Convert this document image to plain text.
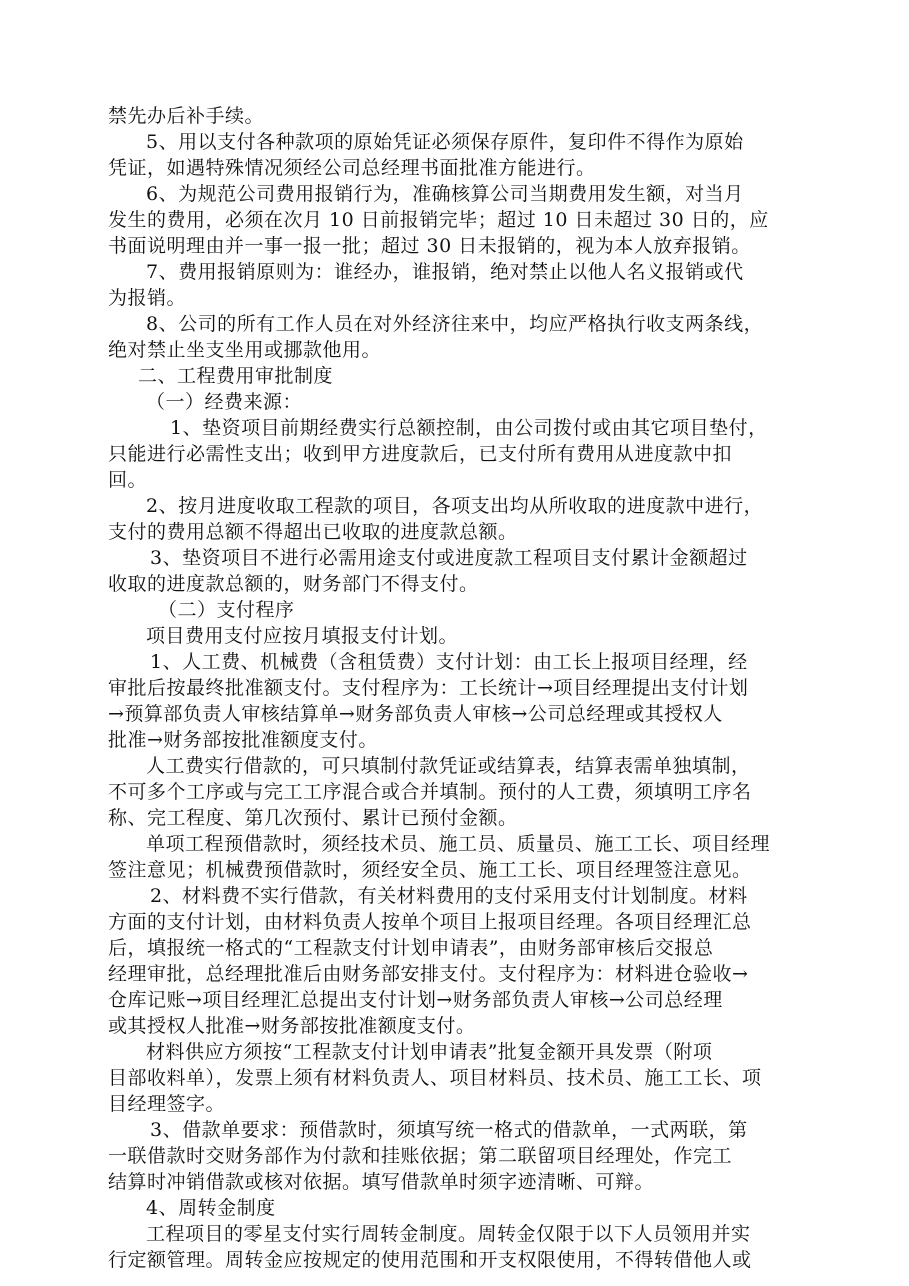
禁先办后补手续。
5、用以支付各种款项的原始凭证必须保存原件，复印件不得作为原始
凭证，如遇特殊情况须经公司总经理书面批准方能进行。
6、为规范公司费用报销行为，准确核算公司当期费用发生额，对当月
发生的费用，必须在次月 10 日前报销完毕；超过 10 日未超过 30 日的，应
书面说明理由并一事一报一批；超过 30 日未报销的，视为本人放弃报销。
7、费用报销原则为：谁经办，谁报销，绝对禁止以他人名义报销或代
为报销。
8、公司的所有工作人员在对外经济往来中，均应严格执行收支两条线，
绝对禁止坐支坐用或挪款他用。
二、工程费用审批制度
（一）经费来源：
1、垫资项目前期经费实行总额控制，由公司拨付或由其它项目垫付，
只能进行必需性支出；收到甲方进度款后，已支付所有费用从进度款中扣
回。
2、按月进度收取工程款的项目，各项支出均从所收取的进度款中进行，
支付的费用总额不得超出已收取的进度款总额。
3、垫资项目不进行必需用途支付或进度款工程项目支付累计金额超过
收取的进度款总额的，财务部门不得支付。
（二）支付程序
项目费用支付应按月填报支付计划。
1、人工费、机械费（含租赁费）支付计划：由工长上报项目经理，经
审批后按最终批准额支付。支付程序为：工长统计→项目经理提出支付计划
→预算部负责人审核结算单→财务部负责人审核→公司总经理或其授权人
批准→财务部按批准额度支付。
人工费实行借款的，可只填制付款凭证或结算表，结算表需单独填制，
不可多个工序或与完工工序混合或合并填制。预付的人工费，须填明工序名
称、完工程度、第几次预付、累计已预付金额。
单项工程预借款时，须经技术员、施工员、质量员、施工工长、项目经理
签注意见；机械费预借款时，须经安全员、施工工长、项目经理签注意见。
2、材料费不实行借款，有关材料费用的支付采用支付计划制度。材料
方面的支付计划，由材料负责人按单个项目上报项目经理。各项目经理汇总
后，填报统一格式的“工程款支付计划申请表”，由财务部审核后交报总
经理审批，总经理批准后由财务部安排支付。支付程序为：材料进仓验收→
仓库记账→项目经理汇总提出支付计划→财务部负责人审核→公司总经理
或其授权人批准→财务部按批准额度支付。
材料供应方须按“工程款支付计划申请表”批复金额开具发票（附项
目部收料单），发票上须有材料负责人、项目材料员、技术员、施工工长、项
目经理签字。
3、借款单要求：预借款时，须填写统一格式的借款单，一式两联，第
一联借款时交财务部作为付款和挂账依据；第二联留项目经理处，作完工
结算时冲销借款或核对依据。填写借款单时须字迹清晰、可辩。
4、周转金制度
工程项目的零星支付实行周转金制度。周转金仅限于以下人员领用并实
行定额管理。周转金应按规定的使用范围和开支权限使用，不得转借他人或
